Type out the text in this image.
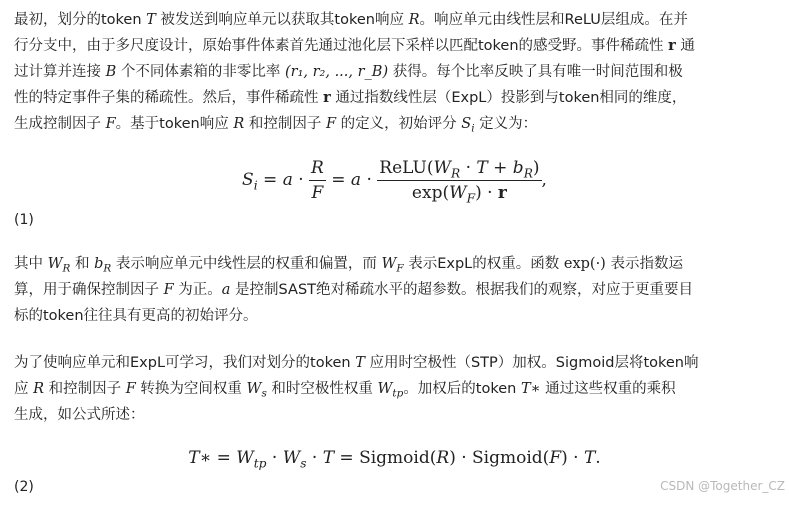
最初，划分的token T 被发送到响应单元以获取其token响应 R。响应单元由线性层和ReLU层组成。在并
行分支中，由于多尺度设计，原始事件体素首先通过池化层下采样以匹配token的感受野。事件稀疏性 r 通
过计算并连接 B 个不同体素箱的非零比率 (r₁, r₂, ..., r_B) 获得。每个比率反映了具有唯一时间范围和极
性的特定事件子集的稀疏性。然后，事件稀疏性 r 通过指数线性层（ExpL）投影到与token相同的维度，
生成控制因子 F。基于token响应 R 和控制因子 F 的定义，初始评分 $S_i$ 定义为：
$S_i = a \cdot \frac{R}{F} = a \cdot \frac{ReLU(W_R \cdot T + b_R)}{\exp(W_F) \cdot r}$ ,
(1)
其中 $W_R$ 和 $b_R$ 表示响应单元中线性层的权重和偏置，而 $W_F$ 表示ExpL的权重。函数 exp(·) 表示指数运
算，用于确保控制因子 F 为正。a 是控制SAST绝对稀疏水平的超参数。根据我们的观察，对应于更重要目
标的token往往具有更高的初始评分。
为了使响应单元和ExpL可学习，我们对划分的token T 应用时空极性（STP）加权。Sigmoid层将token响
应 R 和控制因子 F 转换为空间权重 $W_s$ 和时空极性权重 $W_{tp}$。加权后的token T∗ 通过这些权重的乘积
生成，如公式所述：
T∗ = $W_{tp} \cdot W_s \cdot T$ = Sigmoid(R) · Sigmoid(F) · T.
(2)	CSDN @Together_CZ
